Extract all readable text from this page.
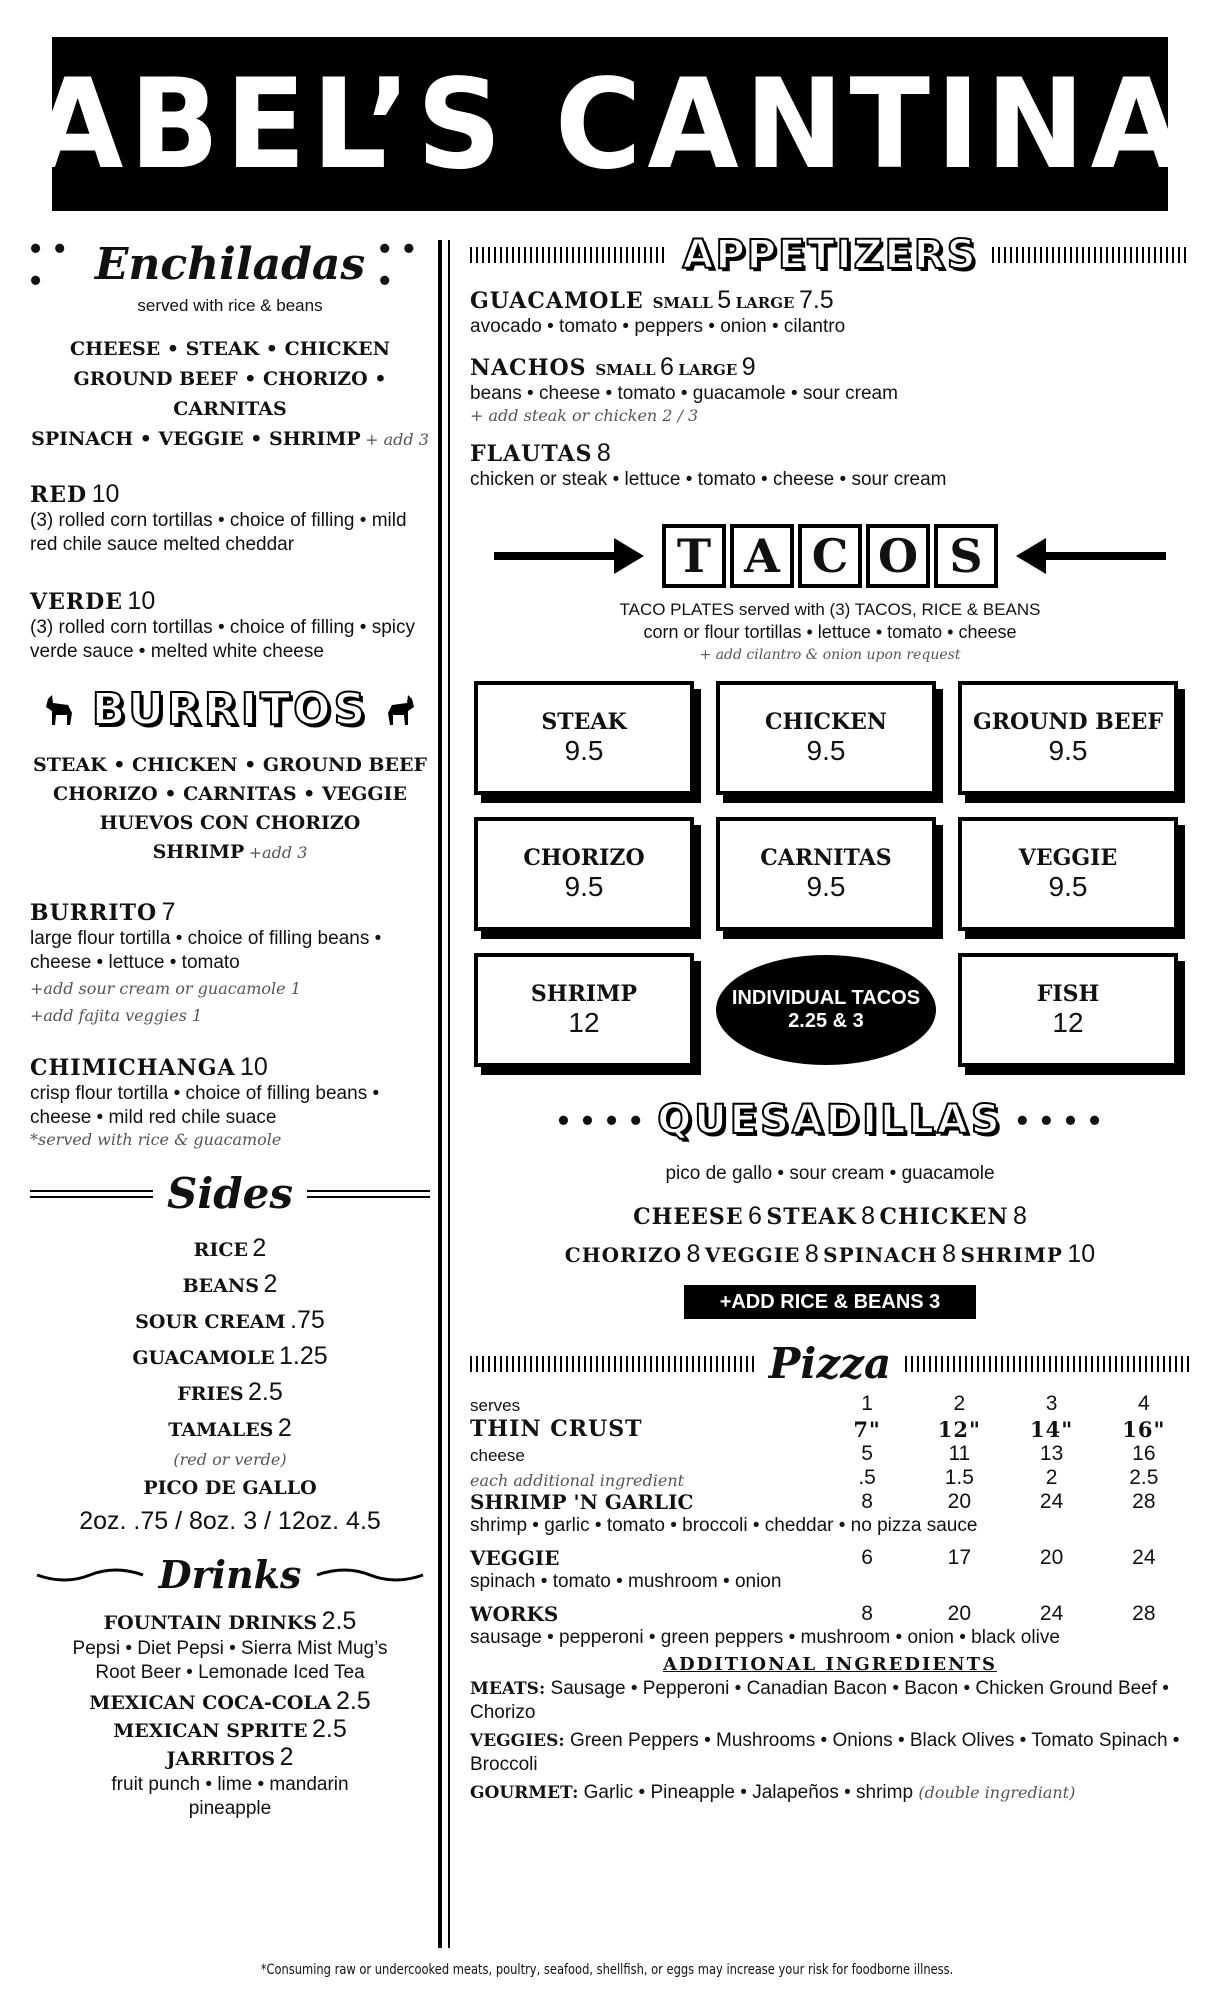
ABEL’S CANTINA
• • •	Enchiladas • • •
served with rice & beans
CHEESE • STEAK • CHICKEN
GROUND BEEF • CHORIZO • CARNITAS
SPINACH • VEGGIE • SHRIMP + add 3
RED 10
(3) rolled corn tortillas • choice of filling • mild red chile sauce melted cheddar
VERDE 10
(3) rolled corn tortillas • choice of filling • spicy verde sauce • melted white cheese
BURRITOS
STEAK • CHICKEN • GROUND BEEF
CHORIZO • CARNITAS • VEGGIE
HUEVOS CON CHORIZO
SHRIMP +add 3
BURRITO 7
large flour tortilla • choice of filling beans • cheese • lettuce • tomato
+add sour cream or guacamole 1
+add fajita veggies 1
CHIMICHANGA 10
crisp flour tortilla • choice of filling beans • cheese • mild red chile suace
*served with rice & guacamole
Sides
RICE 2
BEANS 2
SOUR CREAM .75
GUACAMOLE 1.25
FRIES 2.5
TAMALES 2
(red or verde)
PICO DE GALLO
2oz. .75 / 8oz. 3 / 12oz. 4.5
Drinks
FOUNTAIN DRINKS 2.5
Pepsi • Diet Pepsi • Sierra Mist Mug’s Root Beer • Lemonade Iced Tea
MEXICAN COCA-COLA 2.5
MEXICAN SPRITE 2.5
JARRITOS 2
fruit punch • lime • mandarin pineapple
APPETIZERS
GUACAMOLE SMALL 5 LARGE 7.5
avocado • tomato • peppers • onion • cilantro
NACHOS SMALL 6 LARGE 9
beans • cheese • tomato • guacamole • sour cream
+ add steak or chicken 2 / 3
FLAUTAS 8
chicken or steak • lettuce • tomato • cheese • sour cream
T A C O S
TACO PLATES served with (3) TACOS, RICE & BEANS
corn or flour tortillas • lettuce • tomato • cheese
+ add cilantro & onion upon request
STEAK
9.5
CHICKEN
9.5
GROUND BEEF
9.5
CHORIZO
9.5
CARNITAS
9.5
VEGGIE
9.5
SHRIMP
12
INDIVIDUAL TACOS
2.25 & 3
FISH
12
• • • • QUESADILLAS • • • •
pico de gallo • sour cream • guacamole
CHEESE 6 STEAK 8 CHICKEN 8
CHORIZO 8 VEGGIE 8 SPINACH 8 SHRIMP 10
+ADD RICE & BEANS 3
Pizza
serves	1	2	3	4
THIN CRUST	7"	12"	14"	16"
cheese	5	11	13	16
each additional ingredient	.5	1.5	2	2.5
SHRIMP 'N GARLIC	8	20	24	28
shrimp • garlic • tomato • broccoli • cheddar • no pizza sauce				
VEGGIE	6	17	20	24
spinach • tomato • mushroom • onion				
WORKS	8	20	24	28
sausage • pepperoni • green peppers • mushroom • onion • black olive				
ADDITIONAL INGREDIENTS
MEATS: Sausage • Pepperoni • Canadian Bacon • Bacon • Chicken Ground Beef • Chorizo
VEGGIES: Green Peppers • Mushrooms • Onions • Black Olives • Tomato Spinach • Broccoli
GOURMET: Garlic • Pineapple • Jalapeños • shrimp (double ingrediant)
*Consuming raw or undercooked meats, poultry, seafood, shellfish, or eggs may increase your risk for foodborne illness.
